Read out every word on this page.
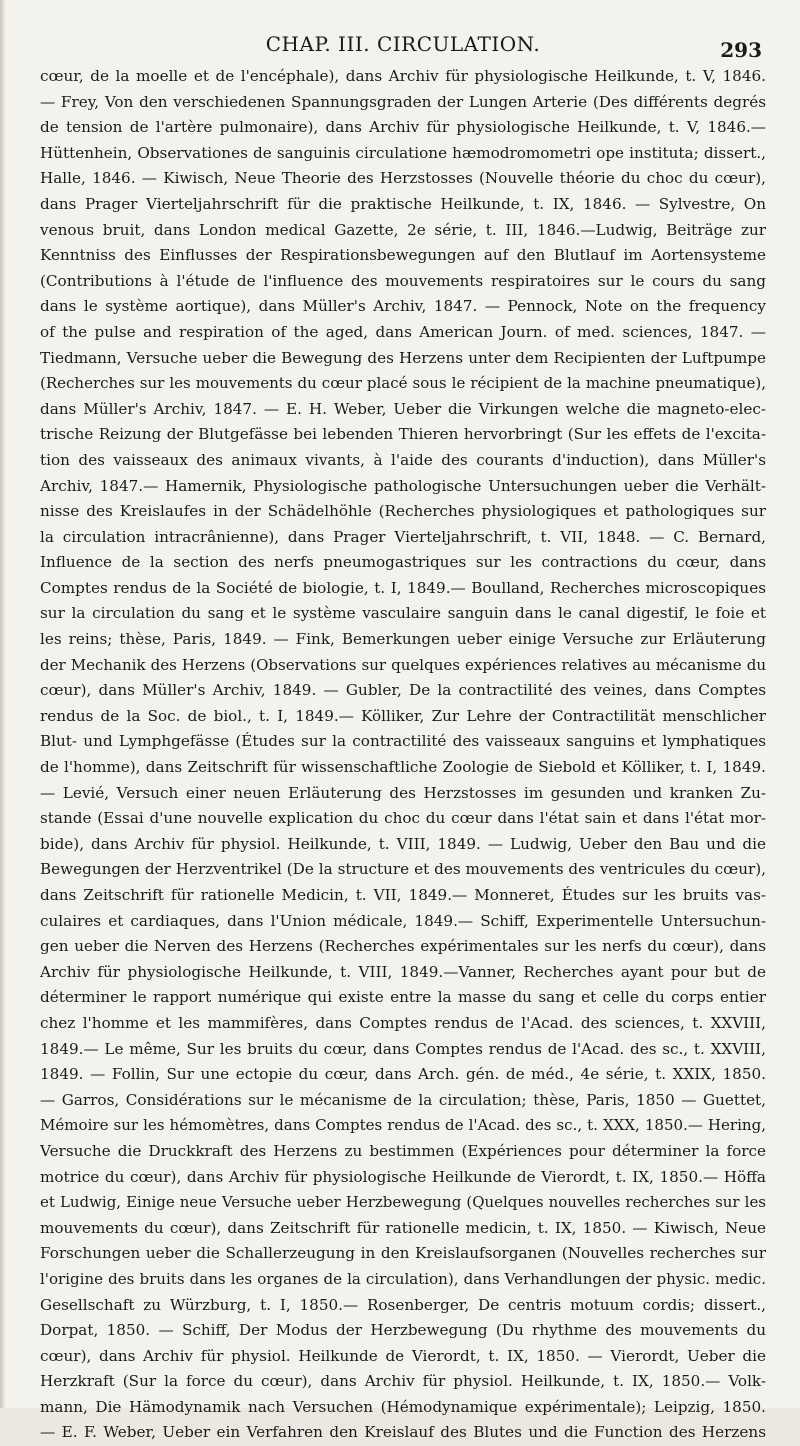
CHAP. III. CIRCULATION.	293

cœur, de la moelle et de l'encéphale), dans Archiv für physiologische Heilkunde, t. V, 1846.

— Frey, Von den verschiedenen Spannungsgraden der Lungen Arterie (Des différents degrés

de tension de l'artère pulmonaire), dans Archiv für physiologische Heilkunde, t. V, 1846.—

Hüttenhein, Observationes de sanguinis circulatione hæmodromometri ope instituta; dissert.,

Halle, 1846. — Kiwisch, Neue Theorie des Herzstosses (Nouvelle théorie du choc du cœur),

dans Prager Vierteljahrschrift für die praktische Heilkunde, t. IX, 1846. — Sylvestre, On

venous bruit, dans London medical Gazette, 2e série, t. III, 1846.—Ludwig, Beiträge zur

Kenntniss des Einflusses der Respirationsbewegungen auf den Blutlauf im Aortensysteme

(Contributions à l'étude de l'influence des mouvements respiratoires sur le cours du sang

dans le système aortique), dans Müller's Archiv, 1847. — Pennock, Note on the frequency

of the pulse and respiration of the aged, dans American Journ. of med. sciences, 1847. —

Tiedmann, Versuche ueber die Bewegung des Herzens unter dem Recipienten der Luftpumpe

(Recherches sur les mouvements du cœur placé sous le récipient de la machine pneumatique),

dans Müller's Archiv, 1847. — E. H. Weber, Ueber die Virkungen welche die magneto-elec-

trische Reizung der Blutgefässe bei lebenden Thieren hervorbringt (Sur les effets de l'excita-

tion des vaisseaux des animaux vivants, à l'aide des courants d'induction), dans Müller's

Archiv, 1847.— Hamernik, Physiologische pathologische Untersuchungen ueber die Verhält-

nisse des Kreislaufes in der Schädelhöhle (Recherches physiologiques et pathologiques sur

la circulation intracrânienne), dans Prager Vierteljahrschrift, t. VII, 1848. — C. Bernard,

Influence de la section des nerfs pneumogastriques sur les contractions du cœur, dans

Comptes rendus de la Société de biologie, t. I, 1849.— Boulland, Recherches microscopiques

sur la circulation du sang et le système vasculaire sanguin dans le canal digestif, le foie et

les reins; thèse, Paris, 1849. — Fink, Bemerkungen ueber einige Versuche zur Erläuterung

der Mechanik des Herzens (Observations sur quelques expériences relatives au mécanisme du

cœur), dans Müller's Archiv, 1849. — Gubler, De la contractilité des veines, dans Comptes

rendus de la Soc. de biol., t. I, 1849.— Kölliker, Zur Lehre der Contractilität menschlicher

Blut- und Lymphgefässe (Études sur la contractilité des vaisseaux sanguins et lymphatiques

de l'homme), dans Zeitschrift für wissenschaftliche Zoologie de Siebold et Kölliker, t. I, 1849.

— Levié, Versuch einer neuen Erläuterung des Herzstosses im gesunden und kranken Zu-

stande (Essai d'une nouvelle explication du choc du cœur dans l'état sain et dans l'état mor-

bide), dans Archiv für physiol. Heilkunde, t. VIII, 1849. — Ludwig, Ueber den Bau und die

Bewegungen der Herzventrikel (De la structure et des mouvements des ventricules du cœur),

dans Zeitschrift für rationelle Medicin, t. VII, 1849.— Monneret, Études sur les bruits vas-

culaires et cardiaques, dans l'Union médicale, 1849.— Schiff, Experimentelle Untersuchun-

gen ueber die Nerven des Herzens (Recherches expérimentales sur les nerfs du cœur), dans

Archiv für physiologische Heilkunde, t. VIII, 1849.—Vanner, Recherches ayant pour but de

déterminer le rapport numérique qui existe entre la masse du sang et celle du corps entier

chez l'homme et les mammifères, dans Comptes rendus de l'Acad. des sciences, t. XXVIII,

1849.— Le même, Sur les bruits du cœur, dans Comptes rendus de l'Acad. des sc., t. XXVIII,

1849. — Follin, Sur une ectopie du cœur, dans Arch. gén. de méd., 4e série, t. XXIX, 1850.

— Garros, Considérations sur le mécanisme de la circulation; thèse, Paris, 1850 — Guettet,

Mémoire sur les hémomètres, dans Comptes rendus de l'Acad. des sc., t. XXX, 1850.— Hering,

Versuche die Druckkraft des Herzens zu bestimmen (Expériences pour déterminer la force

motrice du cœur), dans Archiv für physiologische Heilkunde de Vierordt, t. IX, 1850.— Höffa

et Ludwig, Einige neue Versuche ueber Herzbewegung (Quelques nouvelles recherches sur les

mouvements du cœur), dans Zeitschrift für rationelle medicin, t. IX, 1850. — Kiwisch, Neue

Forschungen ueber die Schallerzeugung in den Kreislaufsorganen (Nouvelles recherches sur

l'origine des bruits dans les organes de la circulation), dans Verhandlungen der physic. medic.

Gesellschaft zu Würzburg, t. I, 1850.— Rosenberger, De centris motuum cordis; dissert.,

Dorpat, 1850. — Schiff, Der Modus der Herzbewegung (Du rhythme des mouvements du

cœur), dans Archiv für physiol. Heilkunde de Vierordt, t. IX, 1850. — Vierordt, Ueber die

Herzkraft (Sur la force du cœur), dans Archiv für physiol. Heilkunde, t. IX, 1850.— Volk-

mann, Die Hämodynamik nach Versuchen (Hémodynamique expérimentale); Leipzig, 1850.

— E. F. Weber, Ueber ein Verfahren den Kreislauf des Blutes und die Function des Herzens
